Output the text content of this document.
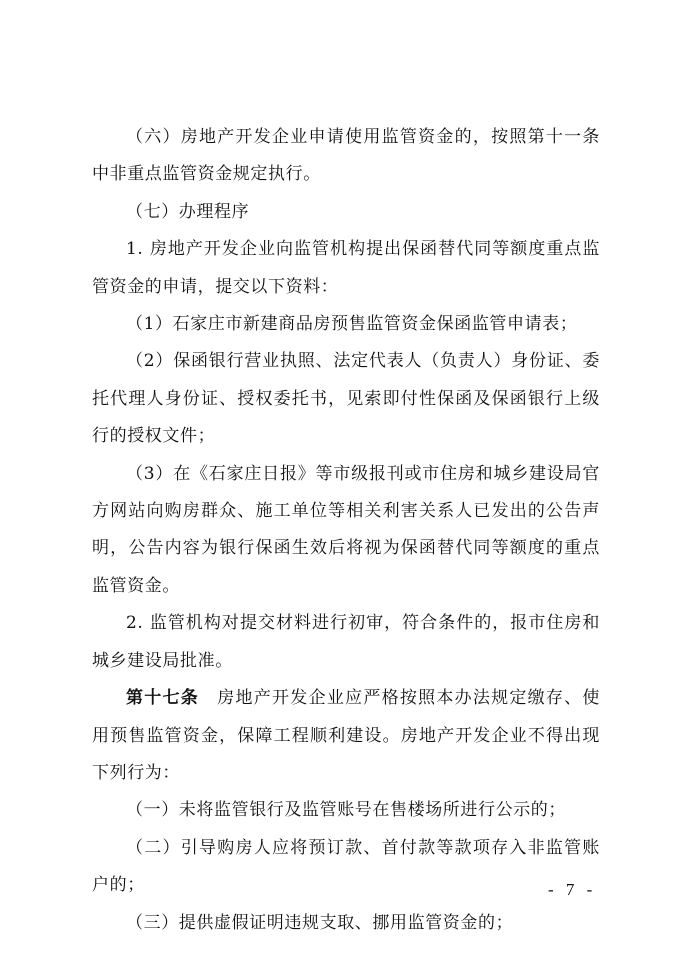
（六）房地产开发企业申请使用监管资金的，按照第十一条中非重点监管资金规定执行。

（七）办理程序

1. 房地产开发企业向监管机构提出保函替代同等额度重点监管资金的申请，提交以下资料：

（1）石家庄市新建商品房预售监管资金保函监管申请表；

（2）保函银行营业执照、法定代表人（负责人）身份证、委托代理人身份证、授权委托书，见索即付性保函及保函银行上级行的授权文件；

（3）在《石家庄日报》等市级报刊或市住房和城乡建设局官方网站向购房群众、施工单位等相关利害关系人已发出的公告声明，公告内容为银行保函生效后将视为保函替代同等额度的重点监管资金。

2. 监管机构对提交材料进行初审，符合条件的，报市住房和城乡建设局批准。

第十七条　房地产开发企业应严格按照本办法规定缴存、使用预售监管资金，保障工程顺利建设。房地产开发企业不得出现下列行为：

（一）未将监管银行及监管账号在售楼场所进行公示的；

（二）引导购房人应将预订款、首付款等款项存入非监管账户的；

（三）提供虚假证明违规支取、挪用监管资金的；

- 7 -
